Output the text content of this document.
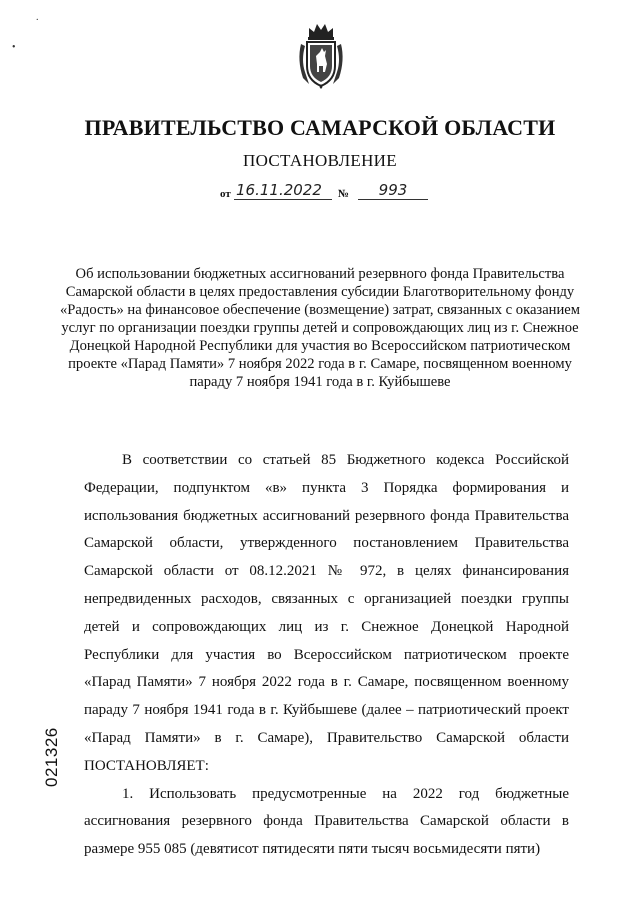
.
•
ПРАВИТЕЛЬСТВО САМАРСКОЙ ОБЛАСТИ
ПОСТАНОВЛЕНИЕ
от 16.11.2022	№	993
Об использовании бюджетных ассигнований резервного фонда Правительства Самарской области в целях предоставления субсидии Благотворительному фонду «Радость» на финансовое обеспечение (возмещение) затрат, связанных с оказанием услуг по организации поездки группы детей и сопровождающих лиц из г. Снежное Донецкой Народной Республики для участия во Всероссийском патриотическом проекте «Парад Памяти» 7 ноября 2022 года в г. Самаре, посвященном военному параду 7 ноября 1941 года в г. Куйбышеве

В соответствии со статьей 85 Бюджетного кодекса Российской Федерации, подпунктом «в» пункта 3 Порядка формирования и использования бюджетных ассигнований резервного фонда Правительства Самарской области, утвержденного постановлением Правительства Самарской области от 08.12.2021 № 972, в целях финансирования непредвиденных расходов, связанных с организацией поездки группы детей и сопровождающих лиц из г. Снежное Донецкой Народной Республики для участия во Всероссийском патриотическом проекте «Парад Памяти» 7 ноября 2022 года в г. Самаре, посвященном военному параду 7 ноября 1941 года в г. Куйбышеве (далее – патриотический проект «Парад Памяти» в г. Самаре), Правительство Самарской области ПОСТАНОВЛЯЕТ:

1. Использовать предусмотренные на 2022 год бюджетные ассигнования резервного фонда Правительства Самарской области в размере 955 085 (девятисот пятидесяти пяти тысяч восьмидесяти пяти)

021326
